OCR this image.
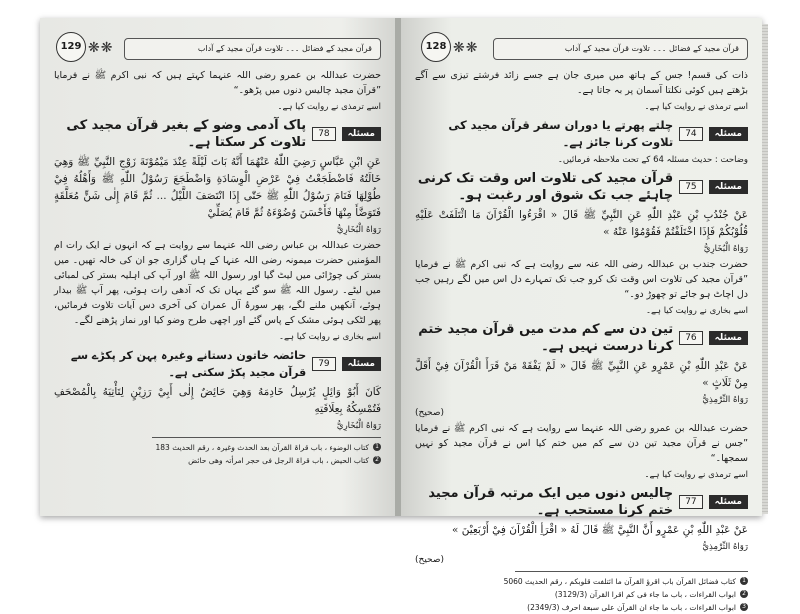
129 ❋❋	قرآن مجید کے فضائل ۔۔۔ تلاوت قرآن مجید کے آداب
حضرت عبداللہ بن عمرو رضی اللہ عنہما کہتے ہیں کہ نبی اکرم ﷺ نے فرمایا ”قرآن مجید چالیس دنوں میں پڑھو۔“
اسے ترمذی نے روایت کیا ہے۔
مسئلہ
78
پاک آدمی وضو کے بغیر قرآن مجید کی تلاوت کر سکتا ہے۔
عَنِ ابْنِ عَبَّاسٍ رَضِيَ اللّٰهُ عَنْهُمَا أَنَّهُ بَاتَ لَيْلَةً عِنْدَ مَيْمُوْنَةَ زَوْجِ النَّبِيِّ ﷺ وَهِيَ خَالَتُهُ فَاضْطَجَعْتُ فِيْ عَرْضِ الْوِسَادَةِ وَاضْطَجَعَ رَسُوْلُ اللّٰهِ ﷺ وَأَهْلُهُ فِيْ طُوْلِهَا فَنَامَ رَسُوْلُ اللّٰهِ ﷺ حَتّٰى إِذَا انْتَصَفَ اللَّيْلُ ... ثُمَّ قَامَ إِلٰى شَنٍّ مُعَلَّقَةٍ فَتَوَضَّأَ مِنْهَا فَأَحْسَنَ وُضُوْءَهُ ثُمَّ قَامَ يُصَلِّيْ
رَوَاهُ الْبُخَارِيُّ
حضرت عبداللہ بن عباس رضی اللہ عنہما سے روایت ہے کہ انہوں نے ایک رات ام المؤمنین حضرت میمونہ رضی اللہ عنہا کے ہاں گزاری جو ان کی خالہ تھیں۔ میں بستر کی چوڑائی میں لیٹ گیا اور رسول اللہ ﷺ اور آپ کی اہلیہ بستر کی لمبائی میں لیٹے۔ رسول اللہ ﷺ سو گئے یہاں تک کہ آدھی رات ہوئی، پھر آپ ﷺ بیدار ہوئے، آنکھیں ملنے لگے، پھر سورۂ آل عمران کی آخری دس آیات تلاوت فرمائیں، پھر لٹکی ہوئی مشک کے پاس گئے اور اچھی طرح وضو کیا اور نماز پڑھنے لگے۔
اسے بخاری نے روایت کیا ہے۔
مسئلہ
79
حائضہ خاتون دستانے وغیرہ پہن کر پکڑے سے قرآن مجید پکڑ سکتی ہے۔
كَانَ أَبُوْ وَائِلٍ يُرْسِلُ خَادِمَهُ وَهِيَ حَائِضٌ إِلٰى أَبِيْ رَزِيْنٍ لِتَأْتِيَهُ بِالْمُصْحَفِ فَتُمْسِكُهُ بِعِلَاقَتِهِ
رَوَاهُ الْبُخَارِيُّ
1
کتاب الوضوء ، باب قراۃ القرآن بعد الحدث وغیرہ ، رقم الحدیث 183
2
کتاب الحیض ، باب قراۃ الرجل فی حجر امرأتہ وھی حائض
128 ❋❋	قرآن مجید کے فضائل ۔۔۔ تلاوت قرآن مجید کے آداب
ذات کی قسم! جس کے ہاتھ میں میری جان ہے جسے زائد فرشتے تیزی سے آگے بڑھتے ہیں کوئی نکلتا آسمان پر بہ جاتا ہے۔
اسے ترمذی نے روایت کیا ہے۔
مسئلہ
74
چلتے پھرتے یا دوران سفر قرآن مجید کی تلاوت کرنا جائز ہے۔
وضاحت : حدیث مسئلہ 64 کے تحت ملاحظہ فرمائیں۔
مسئلہ
75
قرآن مجید کی تلاوت اس وقت تک کرنی چاہئے جب تک شوق اور رغبت ہو۔
عَنْ جُنْدُبِ بْنِ عَبْدِ اللّٰهِ عَنِ النَّبِيِّ ﷺ قَالَ « اقْرَءُوا الْقُرْآنَ مَا ائْتَلَفَتْ عَلَيْهِ قُلُوْبُكُمْ فَإِذَا اخْتَلَفْتُمْ فَقُوْمُوْا عَنْهُ »
رَوَاهُ الْبُخَارِيُّ
حضرت جندب بن عبداللہ رضی اللہ عنہ سے روایت ہے کہ نبی اکرم ﷺ نے فرمایا ”قرآن مجید کی تلاوت اس وقت تک کرو جب تک تمہارے دل اس میں لگے رہیں جب دل اچاٹ ہو جائے تو چھوڑ دو۔“
اسے بخاری نے روایت کیا ہے۔
مسئلہ
76
تین دن سے کم مدت میں قرآن مجید ختم کرنا درست نہیں ہے۔
عَنْ عَبْدِ اللّٰهِ بْنِ عَمْرٍو عَنِ النَّبِيِّ ﷺ قَالَ « لَمْ يَفْقَهْ مَنْ قَرَأَ الْقُرْآنَ فِيْ أَقَلَّ مِنْ ثَلَاثٍ »
رَوَاهُ التِّرْمِذِيُّ
(صحیح)
حضرت عبداللہ بن عمرو رضی اللہ عنہما سے روایت ہے کہ نبی اکرم ﷺ نے فرمایا ”جس نے قرآن مجید تین دن سے کم میں ختم کیا اس نے قرآن مجید کو نہیں سمجھا۔“
اسے ترمذی نے روایت کیا ہے۔
مسئلہ
77
چالیس دنوں میں ایک مرتبہ قرآن مجید ختم کرنا مستحب ہے۔
عَنْ عَبْدِ اللّٰهِ بْنِ عَمْرٍو أَنَّ النَّبِيَّ ﷺ قَالَ لَهُ « اقْرَأِ الْقُرْآنَ فِيْ أَرْبَعِيْنَ »
رَوَاهُ التِّرْمِذِيُّ
(صحیح)
1
کتاب فضائل القرآن باب اقرؤ القرآن ما ائتلفت قلوبکم ، رقم الحدیث 5060
2
ابواب القراءات ، باب ما جاء فی کم اقرا القرآن (3129/3)
3
ابواب القراءات ، باب ما جاء ان القرآن علی سبعة احرف (2349/3)
